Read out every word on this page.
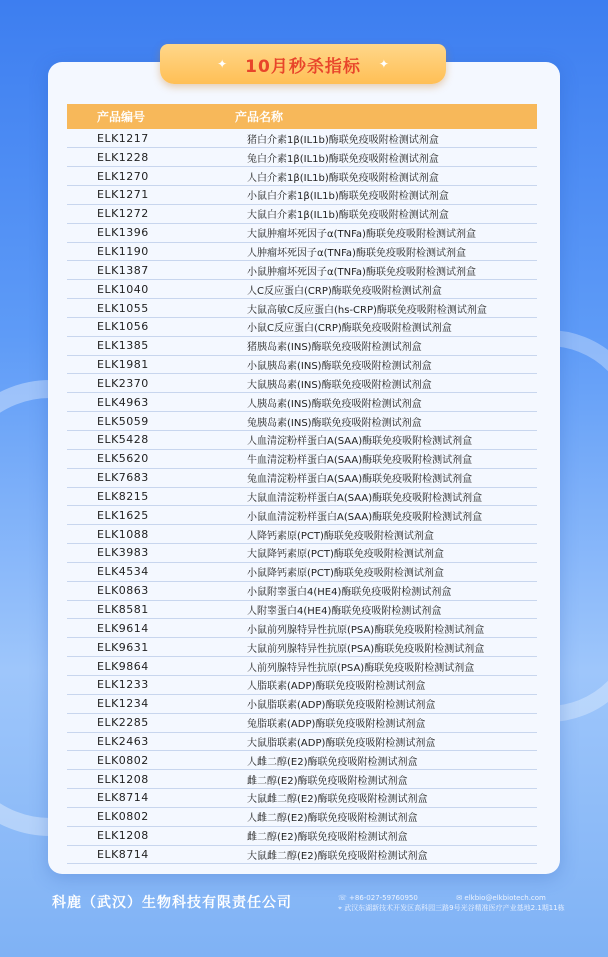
✦ 10月秒杀指标 ✦
产品编号	产品名称
ELK1217	猪白介素1β(IL1b)酶联免疫吸附检测试剂盒
ELK1228	兔白介素1β(IL1b)酶联免疫吸附检测试剂盒
ELK1270	人白介素1β(IL1b)酶联免疫吸附检测试剂盒
ELK1271	小鼠白介素1β(IL1b)酶联免疫吸附检测试剂盒
ELK1272	大鼠白介素1β(IL1b)酶联免疫吸附检测试剂盒
ELK1396	大鼠肿瘤坏死因子α(TNFa)酶联免疫吸附检测试剂盒
ELK1190	人肿瘤坏死因子α(TNFa)酶联免疫吸附检测试剂盒
ELK1387	小鼠肿瘤坏死因子α(TNFa)酶联免疫吸附检测试剂盒
ELK1040	人C反应蛋白(CRP)酶联免疫吸附检测试剂盒
ELK1055	大鼠高敏C反应蛋白(hs-CRP)酶联免疫吸附检测试剂盒
ELK1056	小鼠C反应蛋白(CRP)酶联免疫吸附检测试剂盒
ELK1385	猪胰岛素(INS)酶联免疫吸附检测试剂盒
ELK1981	小鼠胰岛素(INS)酶联免疫吸附检测试剂盒
ELK2370	大鼠胰岛素(INS)酶联免疫吸附检测试剂盒
ELK4963	人胰岛素(INS)酶联免疫吸附检测试剂盒
ELK5059	兔胰岛素(INS)酶联免疫吸附检测试剂盒
ELK5428	人血清淀粉样蛋白A(SAA)酶联免疫吸附检测试剂盒
ELK5620	牛血清淀粉样蛋白A(SAA)酶联免疫吸附检测试剂盒
ELK7683	兔血清淀粉样蛋白A(SAA)酶联免疫吸附检测试剂盒
ELK8215	大鼠血清淀粉样蛋白A(SAA)酶联免疫吸附检测试剂盒
ELK1625	小鼠血清淀粉样蛋白A(SAA)酶联免疫吸附检测试剂盒
ELK1088	人降钙素原(PCT)酶联免疫吸附检测试剂盒
ELK3983	大鼠降钙素原(PCT)酶联免疫吸附检测试剂盒
ELK4534	小鼠降钙素原(PCT)酶联免疫吸附检测试剂盒
ELK0863	小鼠附睾蛋白4(HE4)酶联免疫吸附检测试剂盒
ELK8581	人附睾蛋白4(HE4)酶联免疫吸附检测试剂盒
ELK9614	小鼠前列腺特异性抗原(PSA)酶联免疫吸附检测试剂盒
ELK9631	大鼠前列腺特异性抗原(PSA)酶联免疫吸附检测试剂盒
ELK9864	人前列腺特异性抗原(PSA)酶联免疫吸附检测试剂盒
ELK1233	人脂联素(ADP)酶联免疫吸附检测试剂盒
ELK1234	小鼠脂联素(ADP)酶联免疫吸附检测试剂盒
ELK2285	兔脂联素(ADP)酶联免疫吸附检测试剂盒
ELK2463	大鼠脂联素(ADP)酶联免疫吸附检测试剂盒
ELK0802	人雌二醇(E2)酶联免疫吸附检测试剂盒
ELK1208	雌二醇(E2)酶联免疫吸附检测试剂盒
ELK8714	大鼠雌二醇(E2)酶联免疫吸附检测试剂盒
ELK0802	人雌二醇(E2)酶联免疫吸附检测试剂盒
ELK1208	雌二醇(E2)酶联免疫吸附检测试剂盒
ELK8714	大鼠雌二醇(E2)酶联免疫吸附检测试剂盒
科鹿（武汉）生物科技有限责任公司	☏ +86-027-59760950	✉ elkbio@elkbiotech.com
⌖ 武汉东湖新技术开发区高科园三路9号光谷精准医疗产业基地2.1期11栋
